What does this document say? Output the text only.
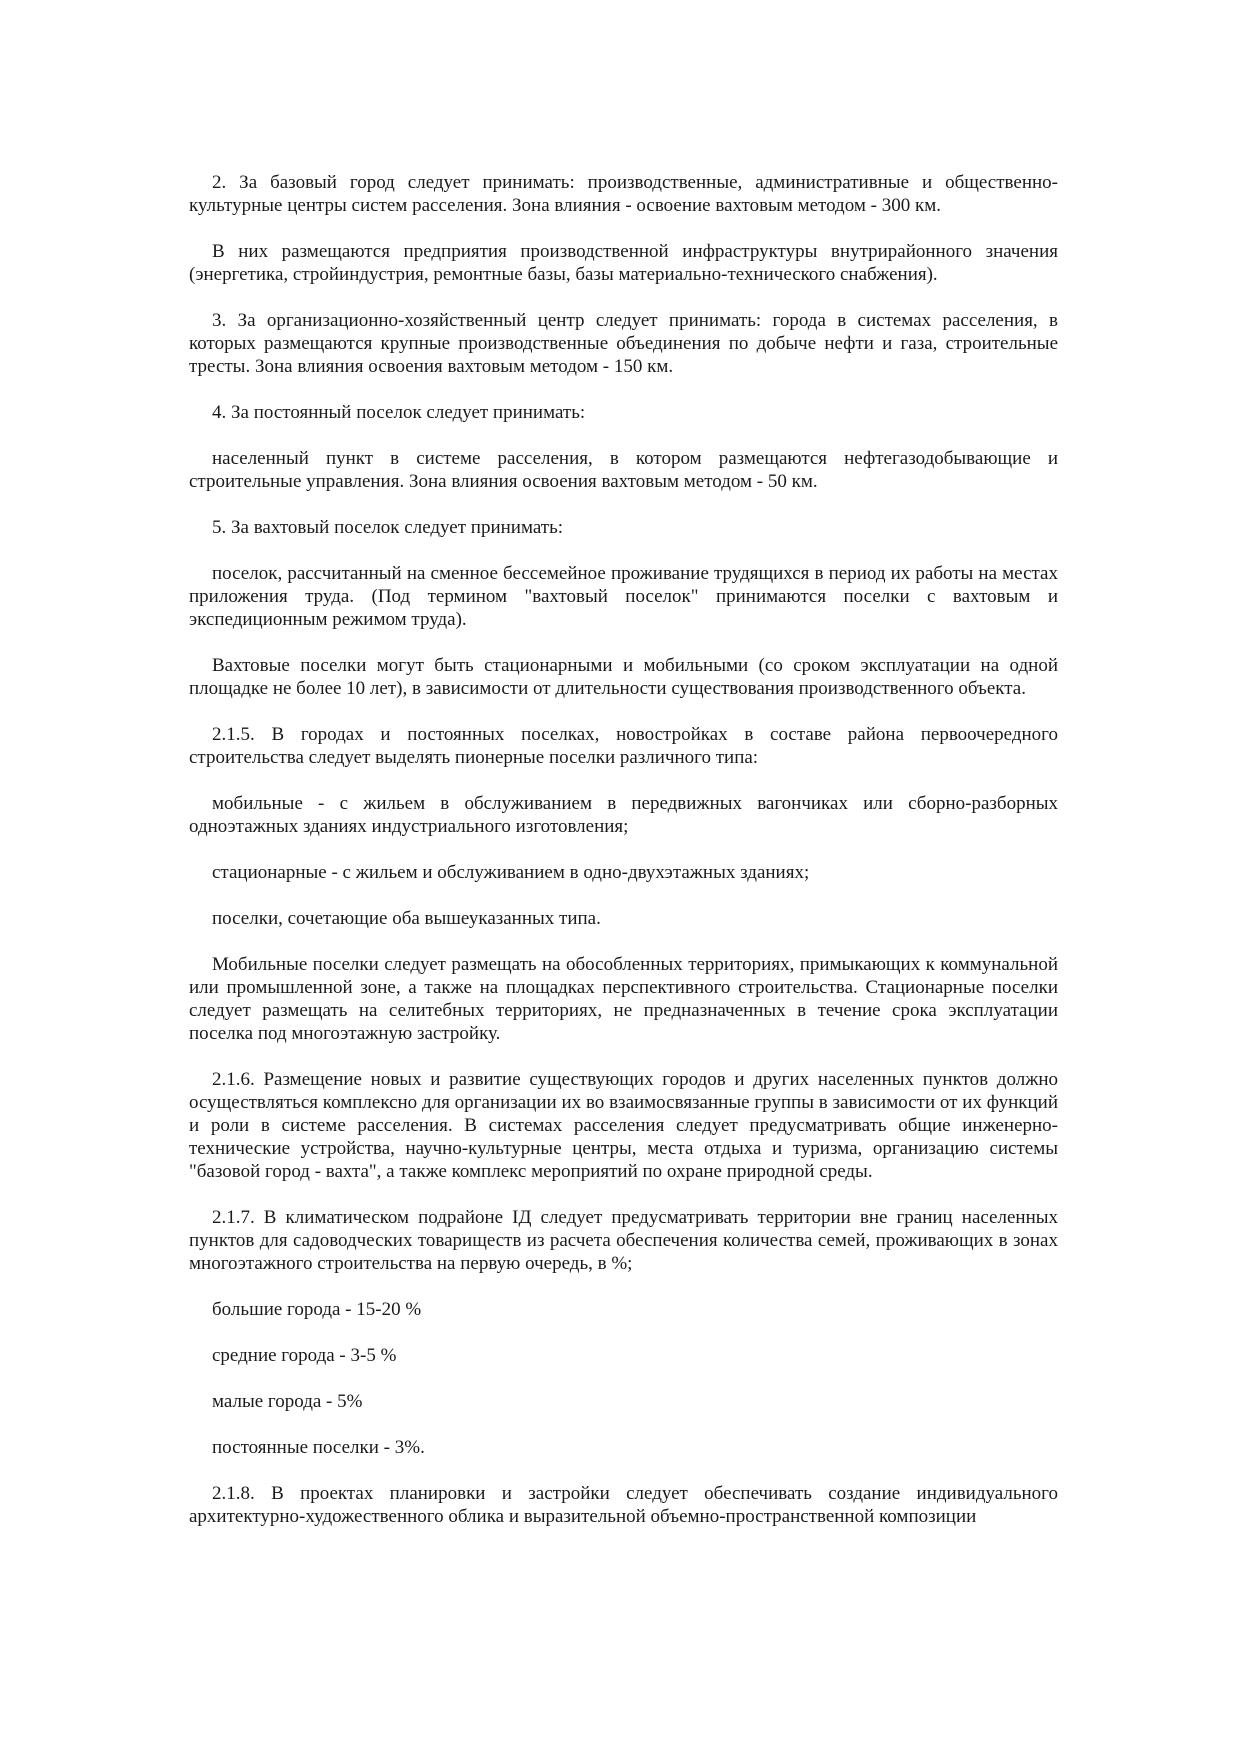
2. За базовый город следует принимать: производственные, административные и общественно-культурные центры систем расселения. Зона влияния - освоение вахтовым методом - 300 км.

В них размещаются предприятия производственной инфраструктуры внутрирайонного значения (энергетика, стройиндустрия, ремонтные базы, базы материально-технического снабжения).

3. За организационно-хозяйственный центр следует принимать: города в системах расселения, в которых размещаются крупные производственные объединения по добыче нефти и газа, строительные тресты. Зона влияния освоения вахтовым методом - 150 км.

4. За постоянный поселок следует принимать:

населенный пункт в системе расселения, в котором размещаются нефтегазодобывающие и строительные управления. Зона влияния освоения вахтовым методом - 50 км.

5. За вахтовый поселок следует принимать:

поселок, рассчитанный на сменное бессемейное проживание трудящихся в период их работы на местах приложения труда. (Под термином "вахтовый поселок" принимаются поселки с вахтовым и экспедиционным режимом труда).

Вахтовые поселки могут быть стационарными и мобильными (со сроком эксплуатации на одной площадке не более 10 лет), в зависимости от длительности существования производственного объекта.

2.1.5. В городах и постоянных поселках, новостройках в составе района первоочередного строительства следует выделять пионерные поселки различного типа:

мобильные - с жильем в обслуживанием в передвижных вагончиках или сборно-разборных одноэтажных зданиях индустриального изготовления;

стационарные - с жильем и обслуживанием в одно-двухэтажных зданиях;

поселки, сочетающие оба вышеуказанных типа.

Мобильные поселки следует размещать на обособленных территориях, примыкающих к коммунальной или промышленной зоне, а также на площадках перспективного строительства. Стационарные поселки следует размещать на селитебных территориях, не предназначенных в течение срока эксплуатации поселка под многоэтажную застройку.

2.1.6. Размещение новых и развитие существующих городов и других населенных пунктов должно осуществляться комплексно для организации их во взаимосвязанные группы в зависимости от их функций и роли в системе расселения. В системах расселения следует предусматривать общие инженерно-технические устройства, научно-культурные центры, места отдыха и туризма, организацию системы "базовой город - вахта", а также комплекс мероприятий по охране природной среды.

2.1.7. В климатическом подрайоне IД следует предусматривать территории вне границ населенных пунктов для садоводческих товариществ из расчета обеспечения количества семей, проживающих в зонах многоэтажного строительства на первую очередь, в %;

большие города - 15-20 %

средние города - 3-5 %

малые города - 5%

постоянные поселки - 3%.

2.1.8. В проектах планировки и застройки следует обеспечивать создание индивидуального архитектурно-художественного облика и выразительной объемно-пространственной композиции
